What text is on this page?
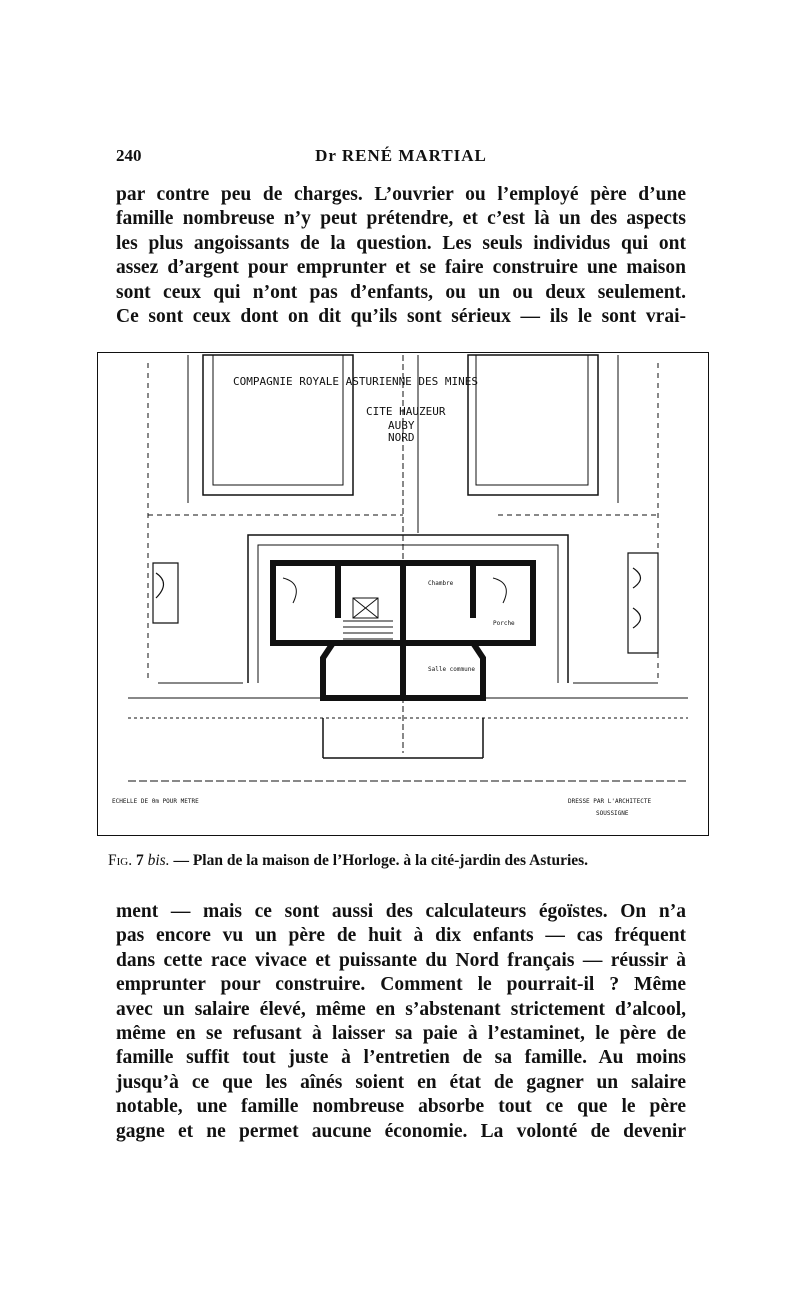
240	Dr RENÉ MARTIAL
par contre peu de charges. L’ouvrier ou l’employé père d’une
famille nombreuse n’y peut prétendre, et c’est là un des aspects
les plus angoissants de la question. Les seuls individus qui ont
assez d’argent pour emprunter et se faire construire une maison
sont ceux qui n’ont pas d’enfants, ou un ou deux seulement.
Ce sont ceux dont on dit qu’ils sont sérieux — ils le sont vrai-
COMPAGNIE ROYALE ASTURIENNE DES MINES
CITE HAUZEUR
AUBY
NORD
Chambre
Salle commune
Porche
ECHELLE DE 0m POUR METRE	DRESSE PAR L'ARCHITECTE
SOUSSIGNE
Fig. 7 bis. — Plan de la maison de l’Horloge. à la cité-jardin des Asturies.
ment — mais ce sont aussi des calculateurs égoïstes. On n’a
pas encore vu un père de huit à dix enfants — cas fréquent
dans cette race vivace et puissante du Nord français — réussir à
emprunter pour construire. Comment le pourrait-il ? Même
avec un salaire élevé, même en s’abstenant strictement d’alcool,
même en se refusant à laisser sa paie à l’estaminet, le père de
famille suffit tout juste à l’entretien de sa famille. Au moins
jusqu’à ce que les aînés soient en état de gagner un salaire
notable, une famille nombreuse absorbe tout ce que le père
gagne et ne permet aucune économie. La volonté de devenir
